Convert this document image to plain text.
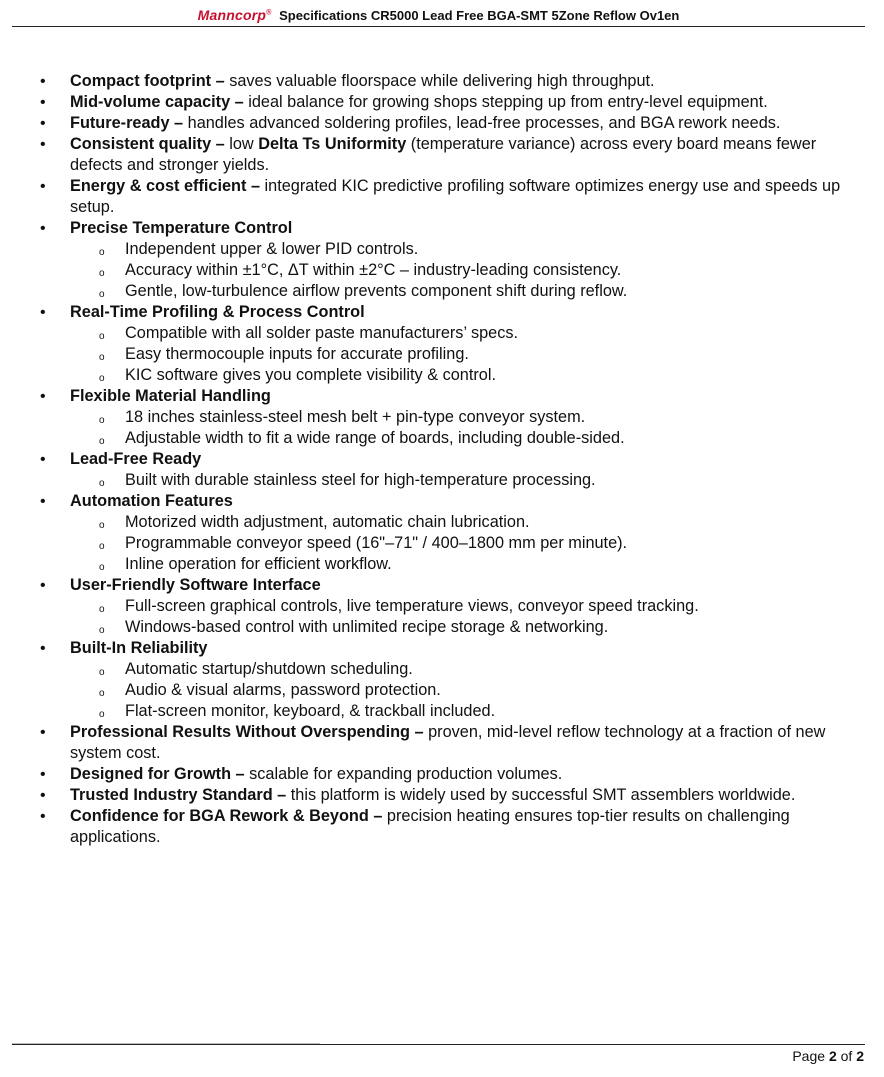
Manncorp® Specifications CR5000 Lead Free BGA-SMT 5Zone Reflow Ov1en
• Compact footprint – saves valuable floorspace while delivering high throughput.
• Mid-volume capacity – ideal balance for growing shops stepping up from entry-level equipment.
• Future-ready – handles advanced soldering profiles, lead-free processes, and BGA rework needs.
• Consistent quality – low Delta Ts Uniformity (temperature variance) across every board means fewer defects and stronger yields.
• Energy & cost efficient – integrated KIC predictive profiling software optimizes energy use and speeds up setup.
• Precise Temperature Control
o Independent upper & lower PID controls.
o Accuracy within ±1°C, ΔT within ±2°C – industry-leading consistency.
o Gentle, low-turbulence airflow prevents component shift during reflow.
• Real-Time Profiling & Process Control
o Compatible with all solder paste manufacturers’ specs.
o Easy thermocouple inputs for accurate profiling.
o KIC software gives you complete visibility & control.
• Flexible Material Handling
o 18 inches stainless-steel mesh belt + pin-type conveyor system.
o Adjustable width to fit a wide range of boards, including double-sided.
• Lead-Free Ready
o Built with durable stainless steel for high-temperature processing.
• Automation Features
o Motorized width adjustment, automatic chain lubrication.
o Programmable conveyor speed (16"–71" / 400–1800 mm per minute).
o Inline operation for efficient workflow.
• User-Friendly Software Interface
o Full-screen graphical controls, live temperature views, conveyor speed tracking.
o Windows-based control with unlimited recipe storage & networking.
• Built-In Reliability
o Automatic startup/shutdown scheduling.
o Audio & visual alarms, password protection.
o Flat-screen monitor, keyboard, & trackball included.
• Professional Results Without Overspending – proven, mid-level reflow technology at a fraction of new system cost.
• Designed for Growth – scalable for expanding production volumes.
• Trusted Industry Standard – this platform is widely used by successful SMT assemblers worldwide.
• Confidence for BGA Rework & Beyond – precision heating ensures top-tier results on challenging applications.
Page 2 of 2
